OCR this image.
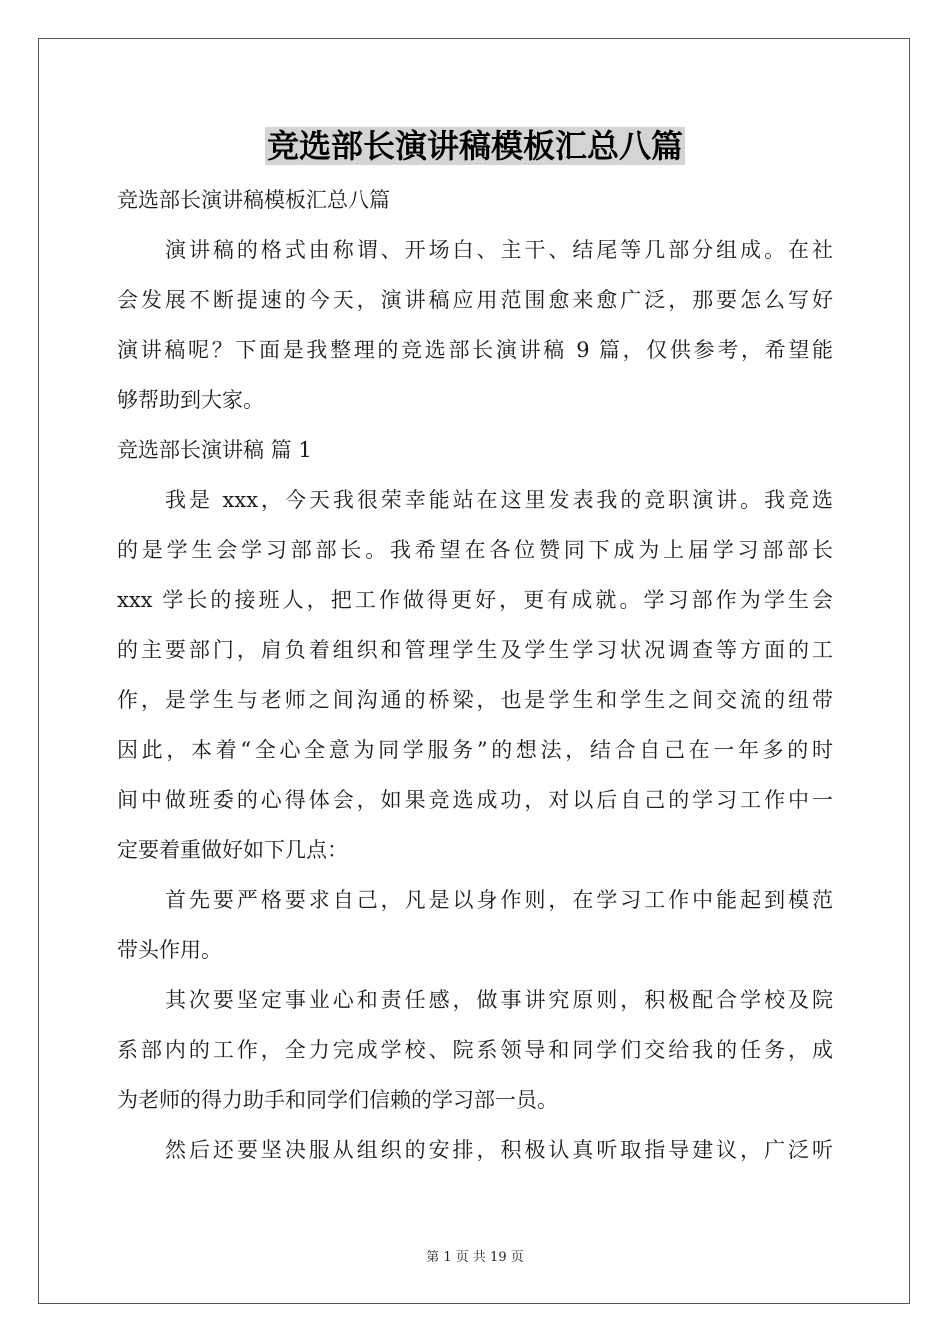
竞选部长演讲稿模板汇总八篇
竞选部长演讲稿模板汇总八篇
演讲稿的格式由称谓、开场白、主干、结尾等几部分组成。在社
会发展不断提速的今天，演讲稿应用范围愈来愈广泛，那要怎么写好
演讲稿呢？下面是我整理的竞选部长演讲稿 9 篇，仅供参考，希望能
够帮助到大家。
竞选部长演讲稿 篇 1
我是 xxx，今天我很荣幸能站在这里发表我的竞职演讲。我竞选
的是学生会学习部部长。我希望在各位赞同下成为上届学习部部长
xxx 学长的接班人，把工作做得更好，更有成就。学习部作为学生会
的主要部门，肩负着组织和管理学生及学生学习状况调查等方面的工
作，是学生与老师之间沟通的桥梁，也是学生和学生之间交流的纽带
因此，本着“全心全意为同学服务”的想法，结合自己在一年多的时
间中做班委的心得体会，如果竞选成功，对以后自己的学习工作中一
定要着重做好如下几点：
首先要严格要求自己，凡是以身作则，在学习工作中能起到模范
带头作用。
其次要坚定事业心和责任感，做事讲究原则，积极配合学校及院
系部内的工作，全力完成学校、院系领导和同学们交给我的任务，成
为老师的得力助手和同学们信赖的学习部一员。
然后还要坚决服从组织的安排，积极认真听取指导建议，广泛听
第 1 页 共 19 页
